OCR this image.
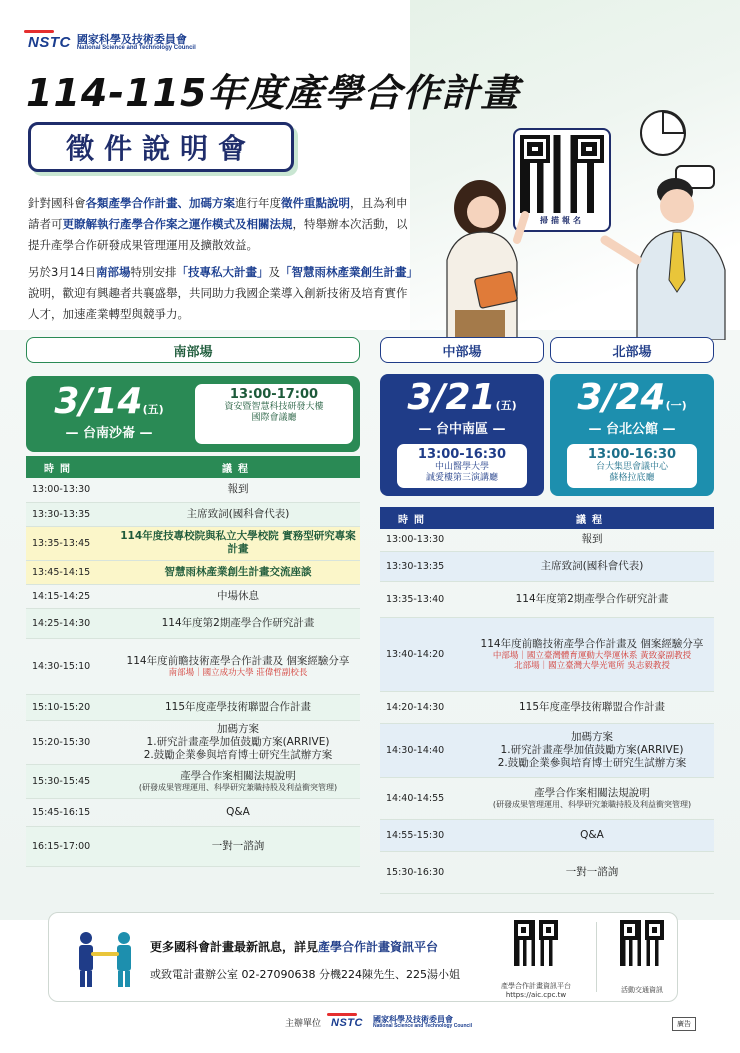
NSTC 國家科學及技術委員會
National Science and Technology Council
114-115年度產學合作計畫
徵件說明會

針對國科會各類產學合作計畫、加碼方案進行年度徵件重點說明，且為利申請者可更瞭解執行產學合作案之運作模式及相關法規，特舉辦本次活動，以提升產學合作研發成果管理運用及擴散效益。

另於3月14日南部場特別安排「技專私大計畫」及「智慧雨林產業創生計畫」說明，歡迎有興趣者共襄盛舉，共同助力我國企業導入創新技術及培育實作人才，加速產業轉型與競爭力。

掃描報名
南部場	中部場	北部場
3/14(五)
— 台南沙崙 —
13:00-17:00
資安暨智慧科技研發大樓
國際會議廳	3/21(五)
— 台中南區 —
13:00-16:30
中山醫學大學
誠愛樓第三演講廳
3/24(一)
— 台北公館 —
13:00-16:30
台大集思會議中心
蘇格拉底廳
時間	議程
13:00-13:30	報到

13:30-13:35	主席致詞(國科會代表)

13:35-13:45	114年度技專校院與私立大學校院 實務型研究專案計畫

13:45-14:15	智慧雨林產業創生計畫交流座談

14:15-14:25	中場休息

14:25-14:30	114年度第2期產學合作研究計畫

14:30-15:10	114年度前瞻技術產學合作計畫及 個案經驗分享
南部場｜國立成功大學 莊偉哲副校長

15:10-15:20	115年度產學技術聯盟合作計畫

15:20-15:30	加碼方案
1.研究計畫產學加值鼓勵方案(ARRIVE)
2.鼓勵企業參與培育博士研究生試辦方案

15:30-15:45	產學合作案相關法規說明
(研發成果管理運用、科學研究兼職持股及利益衝突管理)

15:45-16:15	Q&A

16:15-17:00	一對一諮詢
時間	議程
13:00-13:30	報到

13:30-13:35	主席致詞(國科會代表)

13:35-13:40	114年度第2期產學合作研究計畫

13:40-14:20	114年度前瞻技術產學合作計畫及 個案經驗分享
中部場｜國立臺灣體育運動大學運休系 黃致豪副教授
北部場｜國立臺灣大學光電所 吳志毅教授

14:20-14:30	115年度產學技術聯盟合作計畫

14:30-14:40	加碼方案
1.研究計畫產學加值鼓勵方案(ARRIVE)
2.鼓勵企業參與培育博士研究生試辦方案

14:40-14:55	產學合作案相關法規說明
(研發成果管理運用、科學研究兼職持股及利益衝突管理)

14:55-15:30	Q&A

15:30-16:30	一對一諮詢
更多國科會計畫最新訊息，詳見產學合作計畫資訊平台
或致電計畫辦公室 02-27090638 分機224陳先生、225湯小姐
產學合作計畫資訊平台
https://aic.cpc.tw
活動交通資訊
主辦單位 NSTC 國家科學及技術委員會
National Science and Technology Council	廣告
